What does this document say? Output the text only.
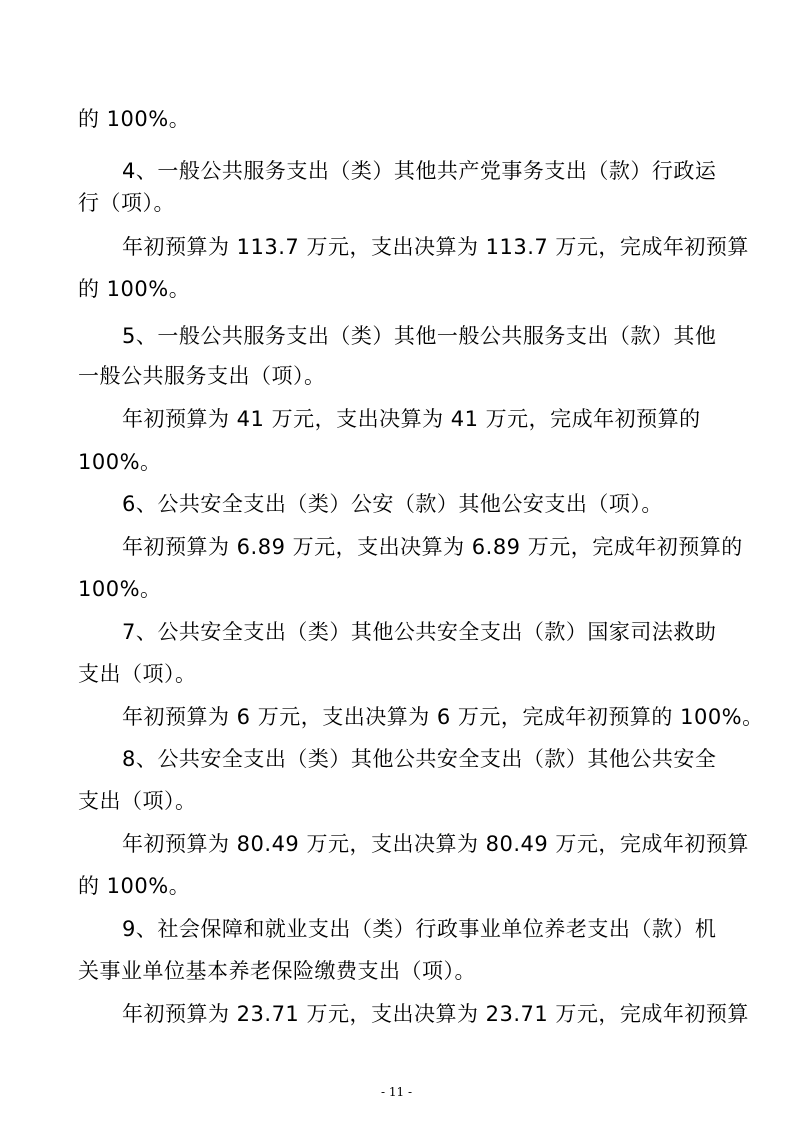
的 100%。
4、一般公共服务支出（类）其他共产党事务支出（款）行政运
行（项）。
年初预算为 113.7 万元，支出决算为 113.7 万元，完成年初预算
的 100%。
5、一般公共服务支出（类）其他一般公共服务支出（款）其他
一般公共服务支出（项）。
年初预算为 41 万元，支出决算为 41 万元，完成年初预算的
100%。
6、公共安全支出（类）公安（款）其他公安支出（项）。
年初预算为 6.89 万元，支出决算为 6.89 万元，完成年初预算的
100%。
7、公共安全支出（类）其他公共安全支出（款）国家司法救助
支出（项）。
年初预算为 6 万元，支出决算为 6 万元，完成年初预算的 100%。
8、公共安全支出（类）其他公共安全支出（款）其他公共安全
支出（项）。
年初预算为 80.49 万元，支出决算为 80.49 万元，完成年初预算
的 100%。
9、社会保障和就业支出（类）行政事业单位养老支出（款）机
关事业单位基本养老保险缴费支出（项）。
年初预算为 23.71 万元，支出决算为 23.71 万元，完成年初预算
- 11 -
